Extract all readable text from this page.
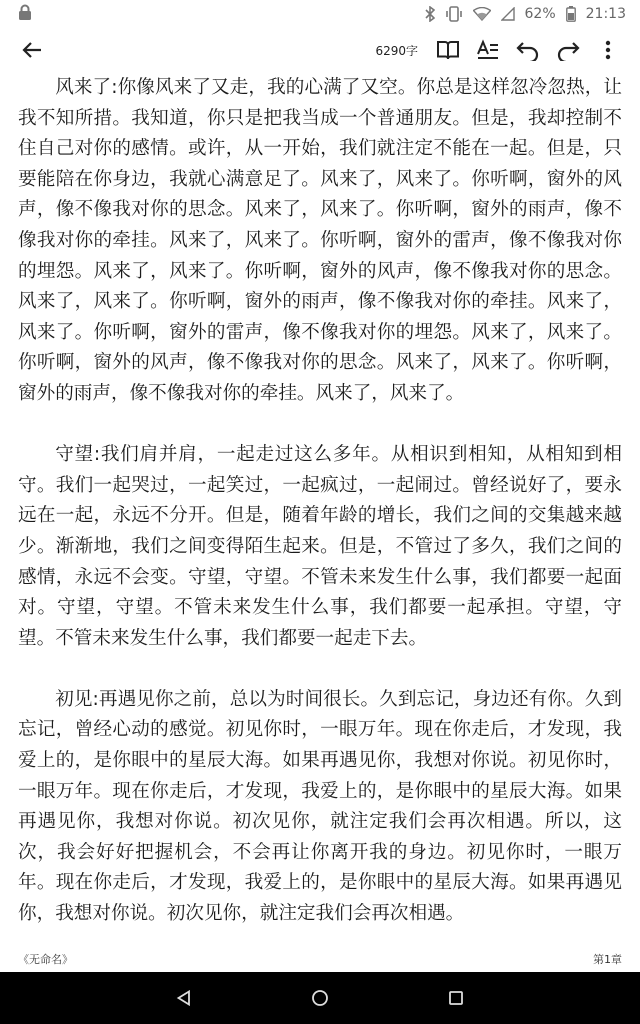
62% 21:13
6290字

风来了:你像风来了又走，我的心满了又空。你总是这样忽冷忽热，让我不知所措。我知道，你只是把我当成一个普通朋友。但是，我却控制不住自己对你的感情。或许，从一开始，我们就注定不能在一起。但是，只要能陪在你身边，我就心满意足了。风来了，风来了。你听啊，窗外的风声，像不像我对你的思念。风来了，风来了。你听啊，窗外的雨声，像不像我对你的牵挂。风来了，风来了。你听啊，窗外的雷声，像不像我对你的埋怨。风来了，风来了。你听啊，窗外的风声，像不像我对你的思念。风来了，风来了。你听啊，窗外的雨声，像不像我对你的牵挂。风来了，风来了。你听啊，窗外的雷声，像不像我对你的埋怨。风来了，风来了。你听啊，窗外的风声，像不像我对你的思念。风来了，风来了。你听啊，窗外的雨声，像不像我对你的牵挂。风来了，风来了。

守望:我们肩并肩，一起走过这么多年。从相识到相知，从相知到相守。我们一起哭过，一起笑过，一起疯过，一起闹过。曾经说好了，要永远在一起，永远不分开。但是，随着年龄的增长，我们之间的交集越来越少。渐渐地，我们之间变得陌生起来。但是，不管过了多久，我们之间的感情，永远不会变。守望，守望。不管未来发生什么事，我们都要一起面对。守望，守望。不管未来发生什么事，我们都要一起承担。守望，守望。不管未来发生什么事，我们都要一起走下去。

初见:再遇见你之前，总以为时间很长。久到忘记，身边还有你。久到忘记，曾经心动的感觉。初见你时，一眼万年。现在你走后，才发现，我爱上的，是你眼中的星辰大海。如果再遇见你，我想对你说。初见你时，一眼万年。现在你走后，才发现，我爱上的，是你眼中的星辰大海。如果再遇见你，我想对你说。初次见你，就注定我们会再次相遇。所以，这次，我会好好把握机会，不会再让你离开我的身边。初见你时，一眼万年。现在你走后，才发现，我爱上的，是你眼中的星辰大海。如果再遇见你，我想对你说。初次见你，就注定我们会再次相遇。

《无命名》	第1章
